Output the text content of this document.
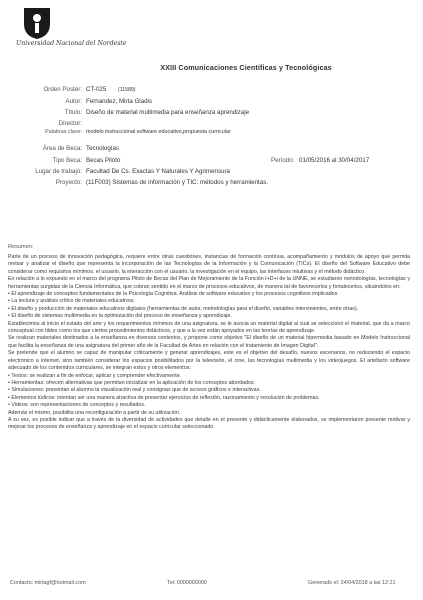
Universidad Nacional del Nordeste
XXIII Comunicaciones Científicas y Tecnológicas
Orden Poster: CT-025 (11589)
Autor: Fernandez, Mirta Gladis
Título: Diseño de material multimedia para enseñanza aprendizaje
Director:
Palabras clave: modelo instruccional software educativo,propuesta curricular
Área de Beca: Tecnologías
Tipo Beca: Becas Piloto	Período: 01/05/2016 al 30/04/2017
Lugar de trabajo: Facultad De Cs. Exactas Y Naturales Y Agrimensura
Proyecto: (11F003) Sistemas de información y TIC: métodos y herramientas.
Resumen:

Parte de un proceso de innovación pedagógica, requiere entre otras cuestiones, instancias de formación continua, acompañamiento y módulos de apoyo que permita revisar y analizar el diseño que representa la incorporación de las Tecnologías de la Información y la Comunicación (TICs). El diseño del Software Educativo debe considerar como requisitos mínimos: el usuario, la interacción con el usuario, la investigación en el equipo, las interfaces intuitivas y el método didáctico.

En relación a lo expuesto en el marco del programa Piloto de Becas del Plan de Mejoramiento de la Función I+D+i de la UNNE, se estudiaron metodologías, tecnologías y herramientas surgidas de la Ciencia Informática, que cobran sentido en el marco de procesos educativos, de manera tal de favorecerlos y fortalecerlos, situándolos en:

• El aprendizaje de conceptos fundamentales de la Psicología Cognitiva. Análisis de software educativo y los procesos cognitivos implicados.

• La lectura y análisis crítico de materiales educativos.

• El diseño y producción de materiales educativos digitales (herramientas de autor, metodologías para el diseño, variables intervinientes, entre otras).

• El diseño de sistemas multimedia en la optimización del proceso de enseñanza y aprendizaje.

Establecimos al inicio el estado del arte y los requerimientos mínimos de una asignatura, se le asocia un material digital al cual se seleccionó el material, que da a marco conceptual con tildes como los que ciertos procedimientos didácticos, y que a la vez están apoyados en las teorías de aprendizaje.

Se realizan materiales destinados a la enseñanza en diversos contextos, y propone como objetivo "El diseño de un material hipermedia basado en Modelo Instruccional que facilita la enseñanza de una asignatura del primer año de la Facultad de Artes en relación con el tratamiento de Imagen Digital".

Se pretende que el alumno se capaz de manipular críticamente y generar aprendizajes, este es el objetivo del desafío, nuevos escenarios, no reduciendo el espacio electrónico a internet, sino también considerar los espacios posibilitados por la televisión, el cine, las tecnologías multimedia y los videojuegos. El artefacto software adecuado de los contenidos curriculares, se integran estos y otros elementos:

• Textos: se realizan a fin de enfocar, aplicar y comprender efectivamente.

• Herramientas: ofrecen alternativas que permitan inicializar en la aplicación de los conceptos abordados.

• Simulaciones: presentan al alumno la visualización real y consignas que de acceso gráficos e interactivas.

• Elementos lúdicos: intentan ser una manera atractiva de presentar ejercicios de reflexión, razonamiento y resolución de problemas.

• Videos: son representaciones de conceptos y resultados.

Además el mismo, posibilita una reconfiguración a partir de su utilización.

A su vez, es posible indicar que a través de la diversidad de actividades que detalle en el presente y didácticamente elaborados, se implementaron presente motivar y mejorar los procesos de enseñanza y aprendizaje en el espacio curricular seleccionado.

Contacto: mirtagf@hotmail.com	Tel: 0000000000	Generado el: 24/04/2018 a las 12:21
